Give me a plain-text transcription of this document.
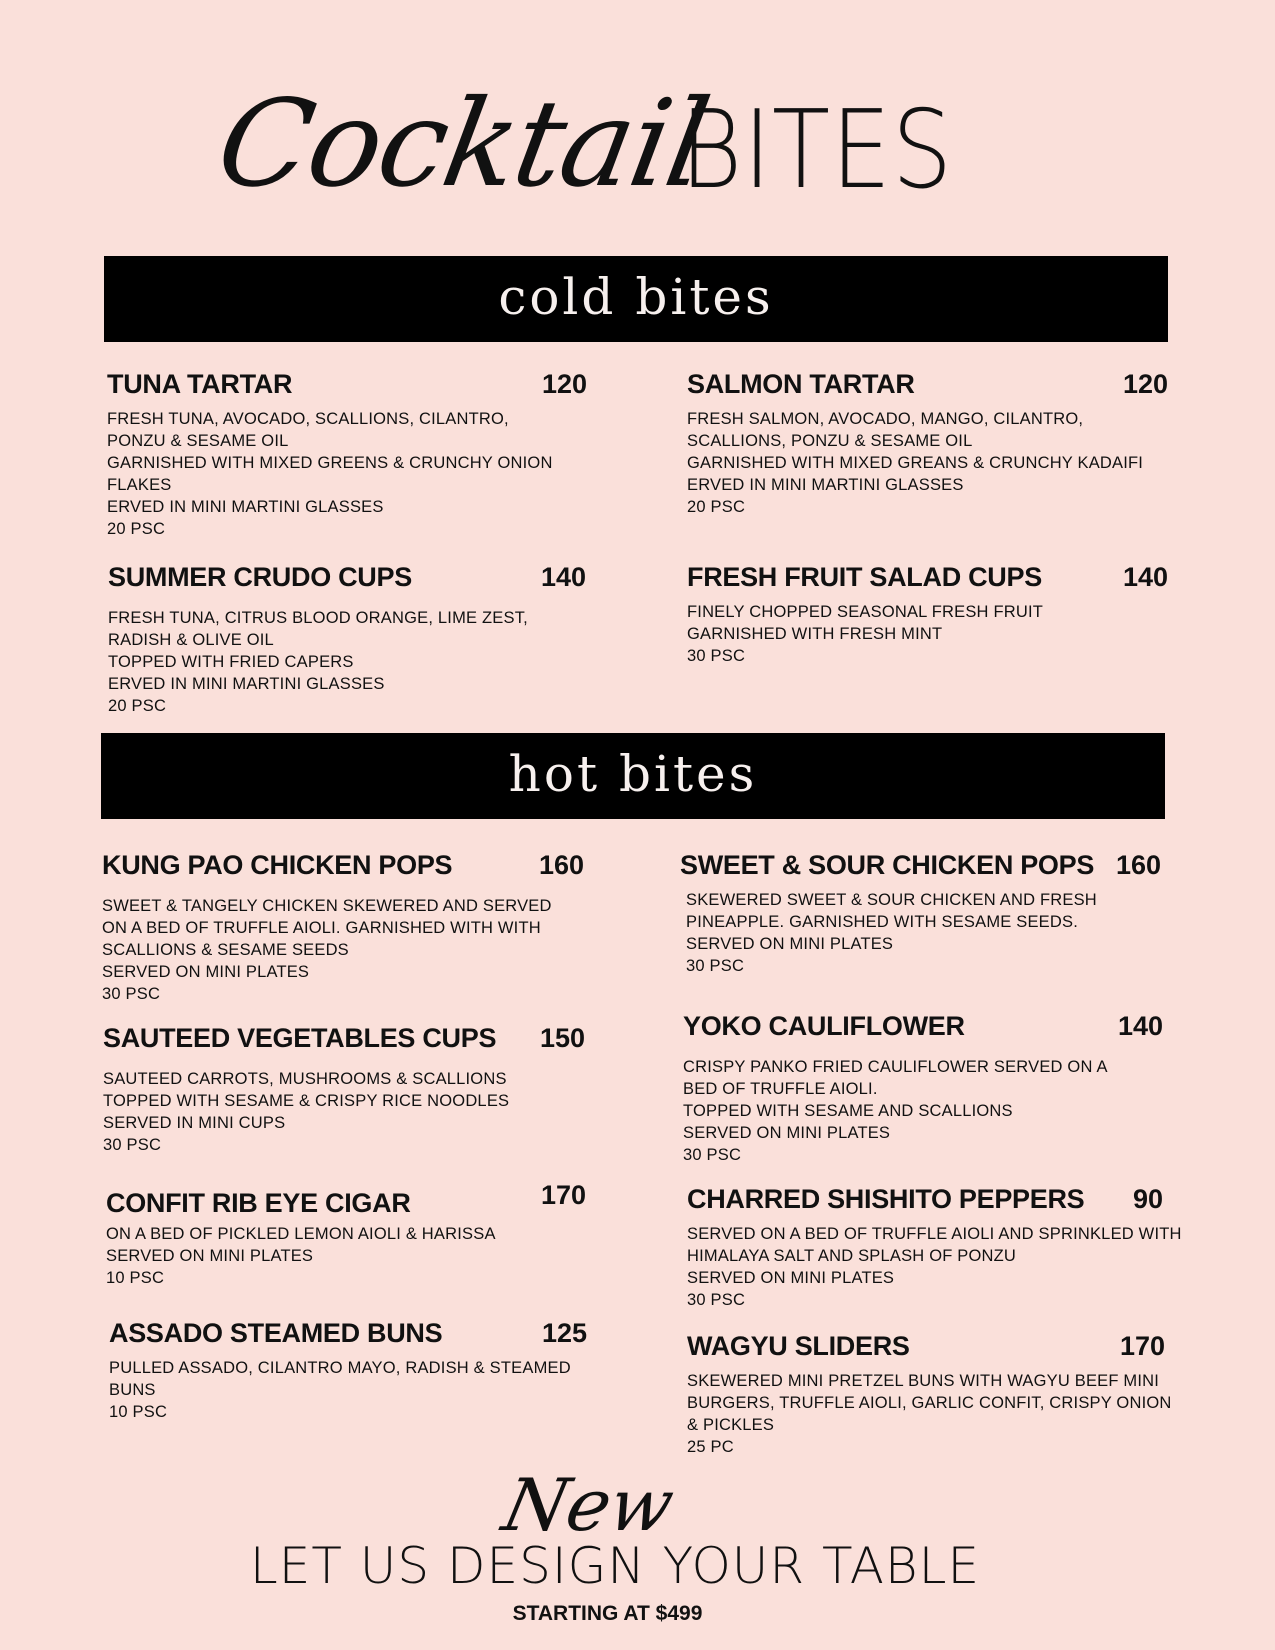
Cocktail
BITES
cold bites
TUNA TARTAR	120
FRESH TUNA, AVOCADO, SCALLIONS, CILANTRO,
PONZU & SESAME OIL
GARNISHED WITH MIXED GREENS & CRUNCHY ONION
FLAKES
ERVED IN MINI MARTINI GLASSES
20 PSC
SALMON TARTAR	120
FRESH SALMON, AVOCADO, MANGO, CILANTRO,
SCALLIONS, PONZU & SESAME OIL
GARNISHED WITH MIXED GREANS & CRUNCHY KADAIFI
ERVED IN MINI MARTINI GLASSES
20 PSC
SUMMER CRUDO CUPS	140
FRESH TUNA, CITRUS BLOOD ORANGE, LIME ZEST,
RADISH & OLIVE OIL
TOPPED WITH FRIED CAPERS
ERVED IN MINI MARTINI GLASSES
20 PSC
FRESH FRUIT SALAD CUPS	140
FINELY CHOPPED SEASONAL FRESH FRUIT
GARNISHED WITH FRESH MINT
30 PSC
hot bites
KUNG PAO CHICKEN POPS	160
SWEET & TANGELY CHICKEN SKEWERED AND SERVED
ON A BED OF TRUFFLE AIOLI. GARNISHED WITH WITH
SCALLIONS & SESAME SEEDS
SERVED ON MINI PLATES
30 PSC
SWEET & SOUR CHICKEN POPS 160
SKEWERED SWEET & SOUR CHICKEN AND FRESH
PINEAPPLE. GARNISHED WITH SESAME SEEDS.
SERVED ON MINI PLATES
30 PSC
SAUTEED VEGETABLES CUPS 150
SAUTEED CARROTS, MUSHROOMS & SCALLIONS
TOPPED WITH SESAME & CRISPY RICE NOODLES
SERVED IN MINI CUPS
30 PSC
YOKO CAULIFLOWER	140
CRISPY PANKO FRIED CAULIFLOWER SERVED ON A
BED OF TRUFFLE AIOLI.
TOPPED WITH SESAME AND SCALLIONS
SERVED ON MINI PLATES
30 PSC
CONFIT RIB EYE CIGAR	170
ON A BED OF PICKLED LEMON AIOLI & HARISSA
SERVED ON MINI PLATES
10 PSC
CHARRED SHISHITO PEPPERS 90
SERVED ON A BED OF TRUFFLE AIOLI AND SPRINKLED WITH
HIMALAYA SALT AND SPLASH OF PONZU
SERVED ON MINI PLATES
30 PSC
ASSADO STEAMED BUNS	125
PULLED ASSADO, CILANTRO MAYO, RADISH & STEAMED
BUNS
10 PSC
WAGYU SLIDERS	170
SKEWERED MINI PRETZEL BUNS WITH WAGYU BEEF MINI
BURGERS, TRUFFLE AIOLI, GARLIC CONFIT, CRISPY ONION
& PICKLES
25 PC
New
LET US DESIGN YOUR TABLE
STARTING AT $499
